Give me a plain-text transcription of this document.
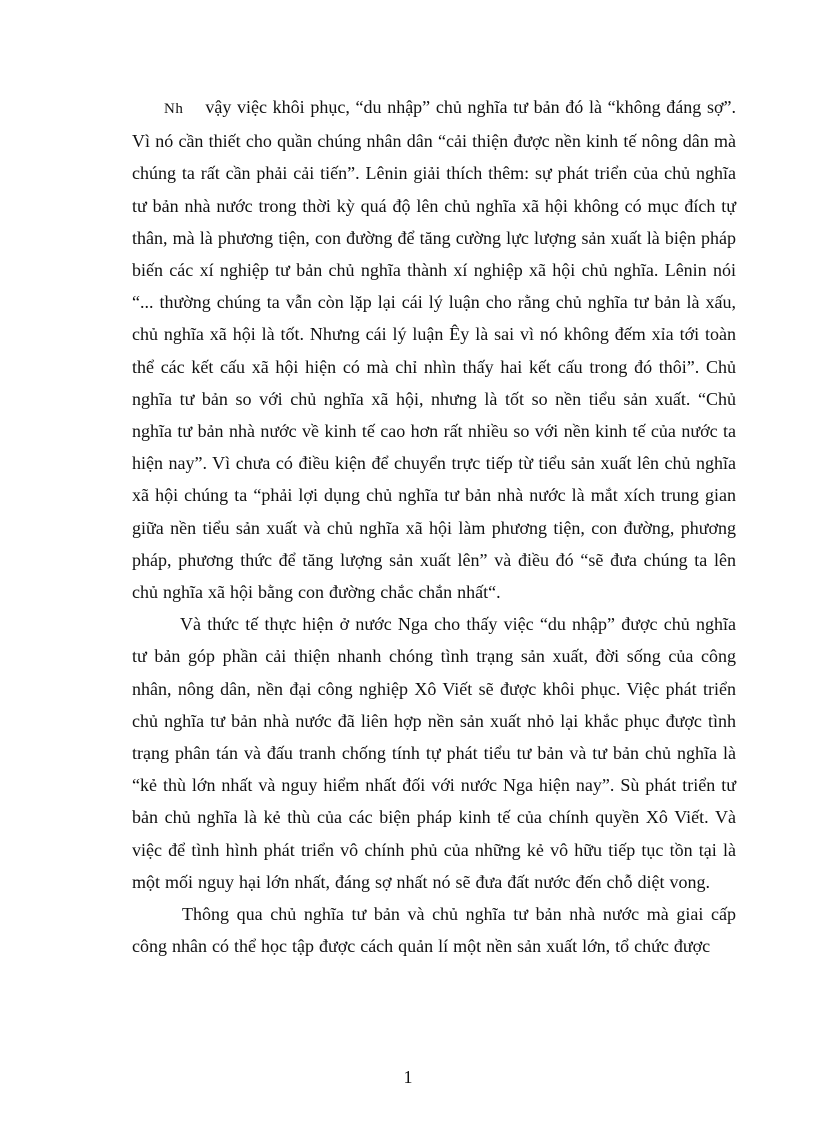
Nh vậy việc khôi phục, “du nhập” chủ nghĩa tư bản đó là “không đáng sợ”. Vì nó cần thiết cho quần chúng nhân dân “cải thiện được nền kinh tế nông dân mà chúng ta rất cần phải cải tiến”. Lênin giải thích thêm: sự phát triển của chủ nghĩa tư bản nhà nước trong thời kỳ quá độ lên chủ nghĩa xã hội không có mục đích tự thân, mà là phương tiện, con đường để tăng cường lực lượng sản xuất là biện pháp biến các xí nghiệp tư bản chủ nghĩa thành xí nghiệp xã hội chủ nghĩa. Lênin nói “... thường chúng ta vẫn còn lặp lại cái lý luận cho rằng chủ nghĩa tư bản là xấu, chủ nghĩa xã hội là tốt. Nhưng cái lý luận Êy là sai vì nó không đếm xỉa tới toàn thể các kết cấu xã hội hiện có mà chỉ nhìn thấy hai kết cấu trong đó thôi”. Chủ nghĩa tư bản so với chủ nghĩa xã hội, nhưng là tốt so nền tiểu sản xuất. “Chủ nghĩa tư bản nhà nước về kinh tế cao hơn rất nhiều so với nền kinh tế của nước ta hiện nay”. Vì chưa có điều kiện để chuyển trực tiếp từ tiểu sản xuất lên chủ nghĩa xã hội chúng ta “phải lợi dụng chủ nghĩa tư bản nhà nước là mắt xích trung gian giữa nền tiểu sản xuất và chủ nghĩa xã hội làm phương tiện, con đường, phương pháp, phương thức để tăng lượng sản xuất lên” và điều đó “sẽ đưa chúng ta lên chủ nghĩa xã hội bằng con đường chắc chắn nhất“.

Và thức tế thực hiện ở nước Nga cho thấy việc “du nhập” được chủ nghĩa tư bản góp phần cải thiện nhanh chóng tình trạng sản xuất, đời sống của công nhân, nông dân, nền đại công nghiệp Xô Viết sẽ được khôi phục. Việc phát triển chủ nghĩa tư bản nhà nước đã liên hợp nền sản xuất nhỏ lại khắc phục được tình trạng phân tán và đấu tranh chống tính tự phát tiểu tư bản và tư bản chủ nghĩa là “kẻ thù lớn nhất và nguy hiểm nhất đối với nước Nga hiện nay”. Sù phát triển tư bản chủ nghĩa là kẻ thù của các biện pháp kinh tế của chính quyền Xô Viết. Và việc để tình hình phát triển vô chính phủ của những kẻ vô hữu tiếp tục tồn tại là một mối nguy hại lớn nhất, đáng sợ nhất nó sẽ đưa đất nước đến chỗ diệt vong.

Thông qua chủ nghĩa tư bản và chủ nghĩa tư bản nhà nước mà giai cấp công nhân có thể học tập được cách quản lí một nền sản xuất lớn, tổ chức được

1
